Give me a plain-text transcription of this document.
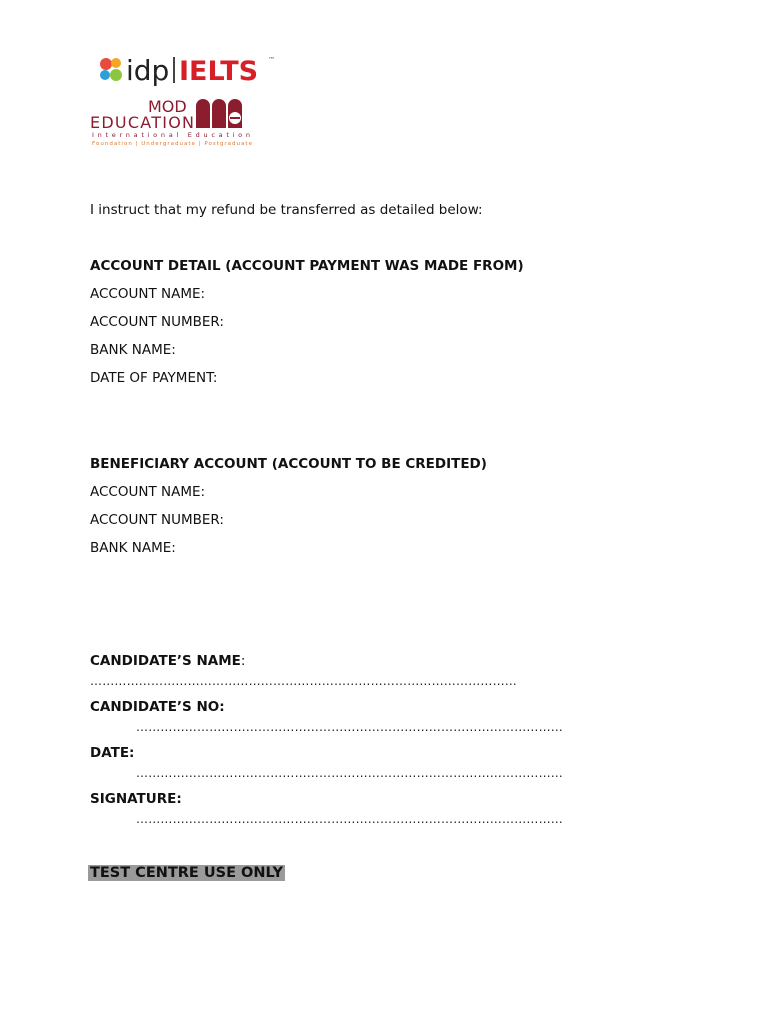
idp IELTS ™
MOD
EDUCATION
International Education
Foundation | Undergraduate | Postgraduate
I instruct that my refund be transferred as detailed below:
ACCOUNT DETAIL (ACCOUNT PAYMENT WAS MADE FROM)
ACCOUNT NAME:
ACCOUNT NUMBER:
BANK NAME:
DATE OF PAYMENT:
BENEFICIARY ACCOUNT (ACCOUNT TO BE CREDITED)
ACCOUNT NAME:
ACCOUNT NUMBER:
BANK NAME:
CANDIDATE’S NAME:
……………………………………………………………………………………………
CANDIDATE’S NO:
……………………………………………………………………………………………
DATE:
……………………………………………………………………………………………
SIGNATURE:
……………………………………………………………………………………………
TEST CENTRE USE ONLY
